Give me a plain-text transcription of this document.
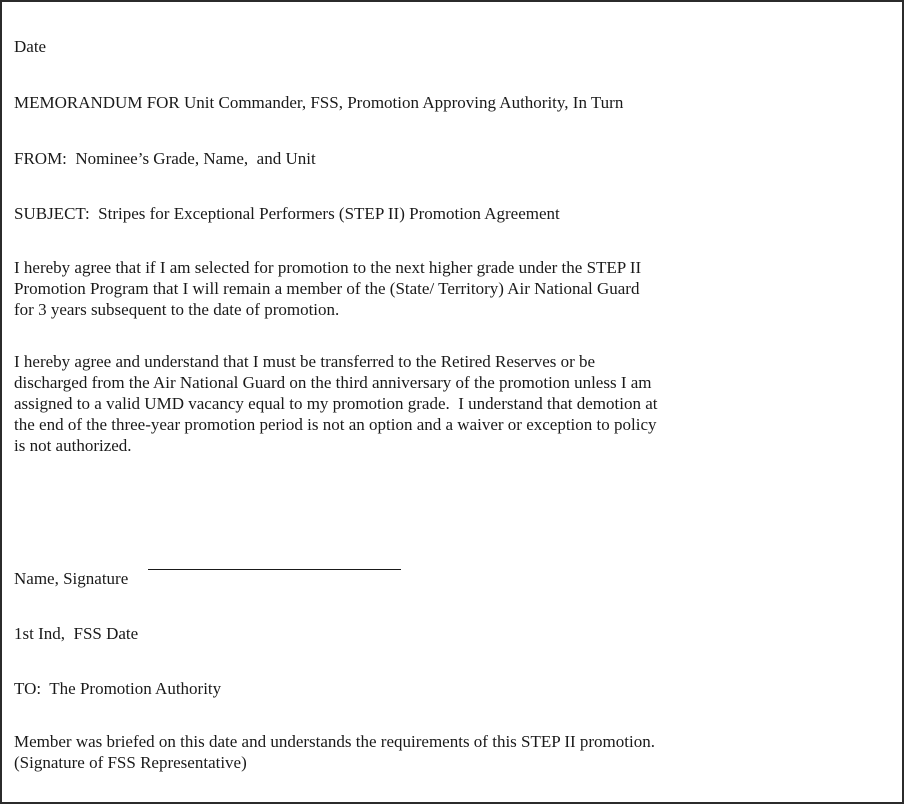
Date
MEMORANDUM FOR Unit Commander, FSS, Promotion Approving Authority, In Turn
FROM:  Nominee’s Grade, Name,  and Unit
SUBJECT:  Stripes for Exceptional Performers (STEP II) Promotion Agreement
I hereby agree that if I am selected for promotion to the next higher grade under the STEP II
Promotion Program that I will remain a member of the (State/ Territory) Air National Guard
for 3 years subsequent to the date of promotion.
I hereby agree and understand that I must be transferred to the Retired Reserves or be
discharged from the Air National Guard on the third anniversary of the promotion unless I am
assigned to a valid UMD vacancy equal to my promotion grade.  I understand that demotion at
the end of the three-year promotion period is not an option and a waiver or exception to policy
is not authorized.
Name, Signature
1st Ind,  FSS Date
TO:  The Promotion Authority
Member was briefed on this date and understands the requirements of this STEP II promotion.
(Signature of FSS Representative)
